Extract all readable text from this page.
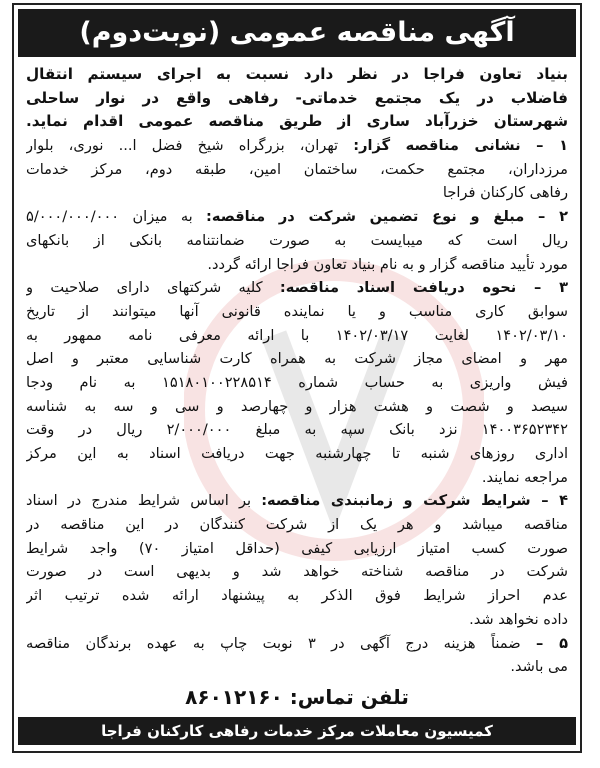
آگهی مناقصه عمومی (نوبت‌دوم)
بنیاد تعاون فراجا در نظر دارد نسبت به اجرای سیستم انتقال
فاضلاب در یک مجتمع خدماتی- رفاهی واقع در نوار ساحلی
شهرستان خزرآباد ساری از طریق مناقصه عمومی اقدام نماید.
۱ – نشانی مناقصه گزار: تهران، بزرگراه شیخ فضل ا... نوری، بلوار
مرزداران، مجتمع حکمت، ساختمان امین، طبقه دوم، مرکز خدمات
رفاهی کارکنان فراجا
۲ – مبلغ و نوع تضمین شرکت در مناقصه: به میزان ۵/۰۰۰/۰۰۰/۰۰۰
ریال است که میبایست به صورت ضمانتنامه بانکی از بانکهای
مورد تأیید مناقصه گزار و به نام بنیاد تعاون فراجا ارائه گردد.
۳ – نحوه دریافت اسناد مناقصه: کلیه شرکتهای دارای صلاحیت و
سوابق کاری مناسب و یا نماینده قانونی آنها میتوانند از تاریخ
۱۴۰۲/۰۳/۱۰ لغایت ۱۴۰۲/۰۳/۱۷ با ارائه معرفی نامه ممهور به
مهر و امضای مجاز شرکت به همراه کارت شناسایی معتبر و اصل
فیش واریزی به حساب شماره ۱۵۱۸۰۱۰۰۲۲۸۵۱۴ به نام ودجا
سیصد و شصت و هشت هزار و چهارصد و سی و سه به شناسه
۱۴۰۰۳۶۵۲۳۴۲ نزد بانک سپه به مبلغ ۲/۰۰۰/۰۰۰ ریال در وقت
اداری روزهای شنبه تا چهارشنبه جهت دریافت اسناد به این مرکز
مراجعه نمایند.
۴ – شرایط شرکت و زمانبندی مناقصه: بر اساس شرایط مندرج در اسناد
مناقصه میباشد و هر یک از شرکت کنندگان در این مناقصه در
صورت کسب امتیاز ارزیابی کیفی (حداقل امتیاز ۷۰) واجد شرایط
شرکت در مناقصه شناخته خواهد شد و بدیهی است در صورت
عدم احراز شرایط فوق الذکر به پیشنهاد ارائه شده ترتیب اثر
داده نخواهد شد.
۵ – ضمناً هزینه درج آگهی در ۳ نوبت چاپ به عهده برندگان مناقصه
می باشد.
تلفن تماس: ۸۶۰۱۲۱۶۰
کمیسیون معاملات مرکز خدمات رفاهی کارکنان فراجا
